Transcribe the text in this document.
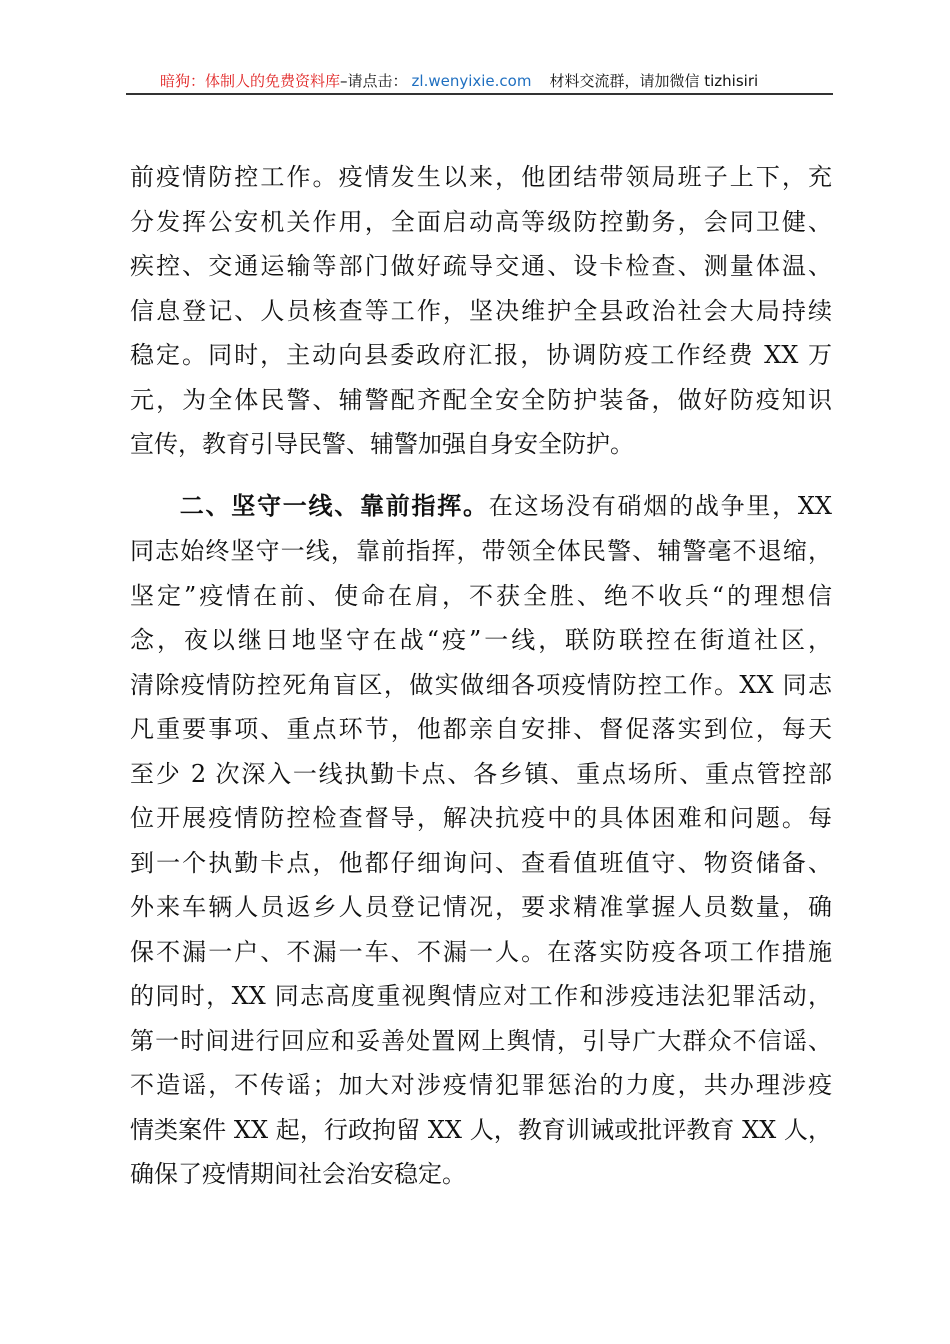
暗狗：体制人的免费资料库–请点击： zl.wenyixie.com 材料交流群，请加微信 tizhisiri
前疫情防控工作。疫情发生以来，他团结带领局班子上下，充
分发挥公安机关作用，全面启动高等级防控勤务，会同卫健、
疾控、交通运输等部门做好疏导交通、设卡检查、测量体温、
信息登记、人员核查等工作，坚决维护全县政治社会大局持续
稳定。同时，主动向县委政府汇报，协调防疫工作经费 XX 万
元，为全体民警、辅警配齐配全安全防护装备，做好防疫知识
宣传，教育引导民警、辅警加强自身安全防护。
二、坚守一线、靠前指挥。在这场没有硝烟的战争里，XX
同志始终坚守一线，靠前指挥，带领全体民警、辅警毫不退缩，
坚定”疫情在前、使命在肩，不获全胜、绝不收兵“的理想信
念，夜以继日地坚守在战“疫”一线，联防联控在街道社区，
清除疫情防控死角盲区，做实做细各项疫情防控工作。XX 同志
凡重要事项、重点环节，他都亲自安排、督促落实到位，每天
至少 2 次深入一线执勤卡点、各乡镇、重点场所、重点管控部
位开展疫情防控检查督导，解决抗疫中的具体困难和问题。每
到一个执勤卡点，他都仔细询问、查看值班值守、物资储备、
外来车辆人员返乡人员登记情况，要求精准掌握人员数量，确
保不漏一户、不漏一车、不漏一人。在落实防疫各项工作措施
的同时，XX 同志高度重视舆情应对工作和涉疫违法犯罪活动，
第一时间进行回应和妥善处置网上舆情，引导广大群众不信谣、
不造谣，不传谣；加大对涉疫情犯罪惩治的力度，共办理涉疫
情类案件 XX 起，行政拘留 XX 人，教育训诫或批评教育 XX 人，
确保了疫情期间社会治安稳定。
